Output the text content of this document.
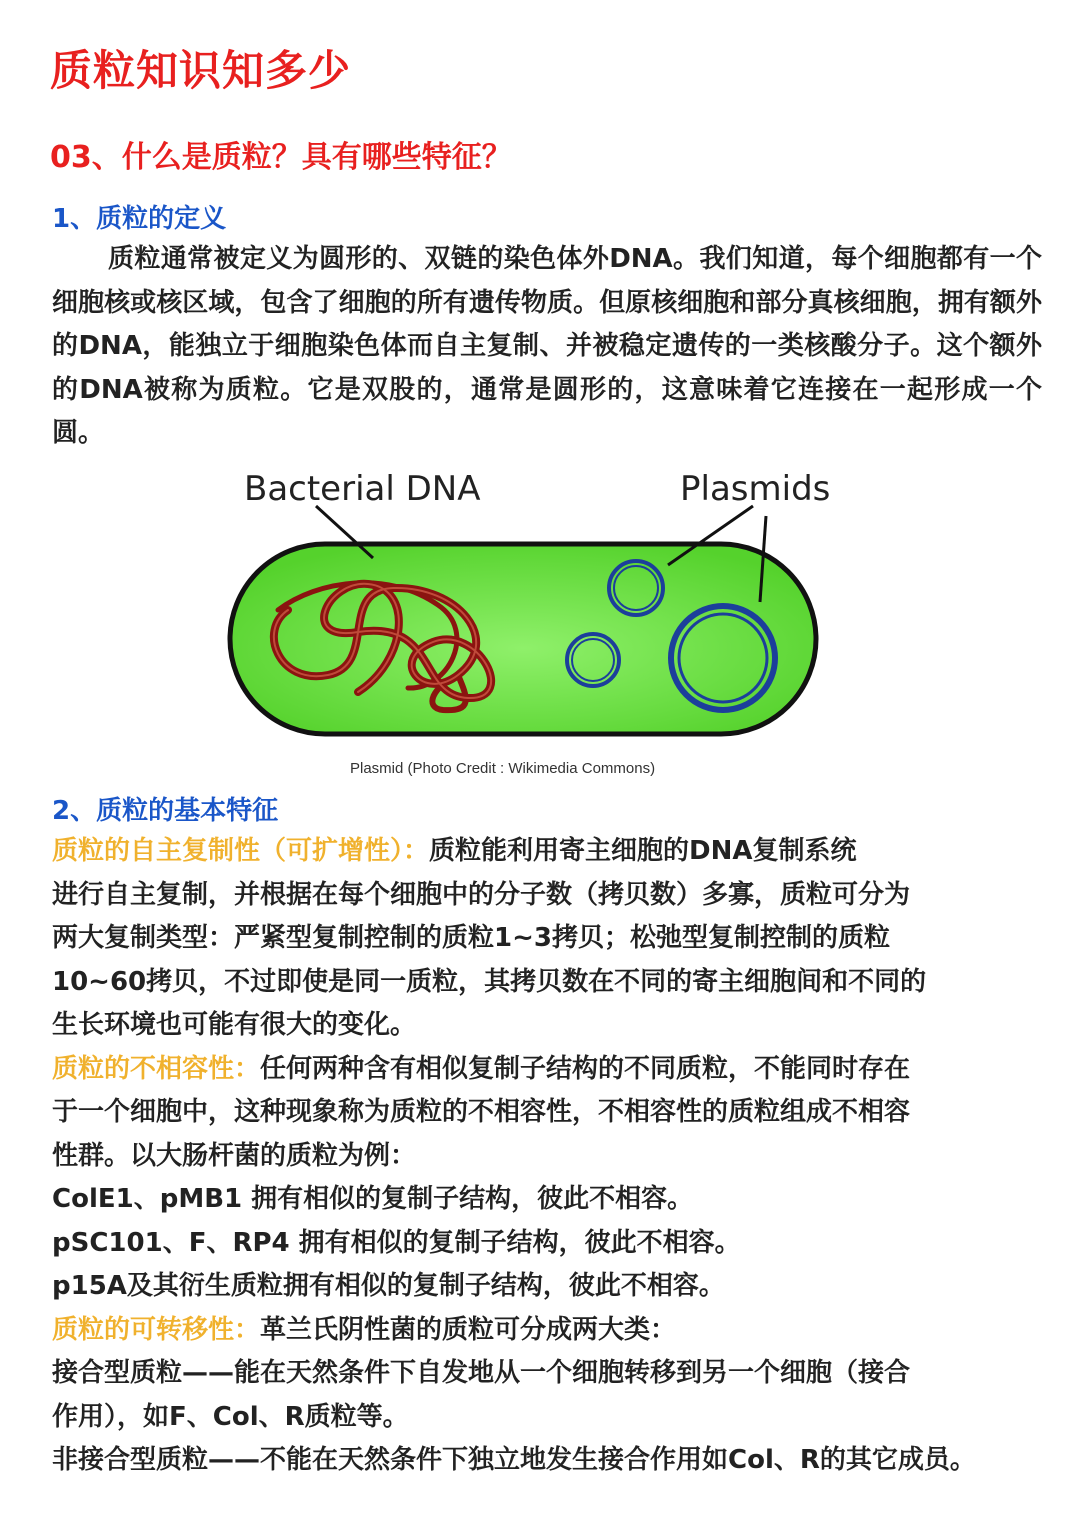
质粒知识知多少
03、什么是质粒？具有哪些特征？
1、质粒的定义

质粒通常被定义为圆形的、双链的染色体外DNA。我们知道，每个细胞都有一个细胞核或核区域，包含了细胞的所有遗传物质。但原核细胞和部分真核细胞，拥有额外的DNA，能独立于细胞染色体而自主复制、并被稳定遗传的一类核酸分子。这个额外的DNA被称为质粒。它是双股的，通常是圆形的，这意味着它连接在一起形成一个圆。

Bacterial DNA	Plasmids

Plasmid (Photo Credit : Wikimedia Commons)

2、质粒的基本特征
质粒的自主复制性（可扩增性）：质粒能利用寄主细胞的DNA复制系统
进行自主复制，并根据在每个细胞中的分子数（拷贝数）多寡，质粒可分为
两大复制类型：严紧型复制控制的质粒1~3拷贝；松弛型复制控制的质粒
10~60拷贝，不过即使是同一质粒，其拷贝数在不同的寄主细胞间和不同的
生长环境也可能有很大的变化。
质粒的不相容性：任何两种含有相似复制子结构的不同质粒，不能同时存在
于一个细胞中，这种现象称为质粒的不相容性，不相容性的质粒组成不相容
性群。以大肠杆菌的质粒为例：
ColE1、pMB1 拥有相似的复制子结构，彼此不相容。
pSC101、F、RP4 拥有相似的复制子结构，彼此不相容。
p15A及其衍生质粒拥有相似的复制子结构，彼此不相容。
质粒的可转移性：革兰氏阴性菌的质粒可分成两大类：
接合型质粒——能在天然条件下自发地从一个细胞转移到另一个细胞（接合
作用），如F、Col、R质粒等。
非接合型质粒——不能在天然条件下独立地发生接合作用如Col、R的其它成员。
